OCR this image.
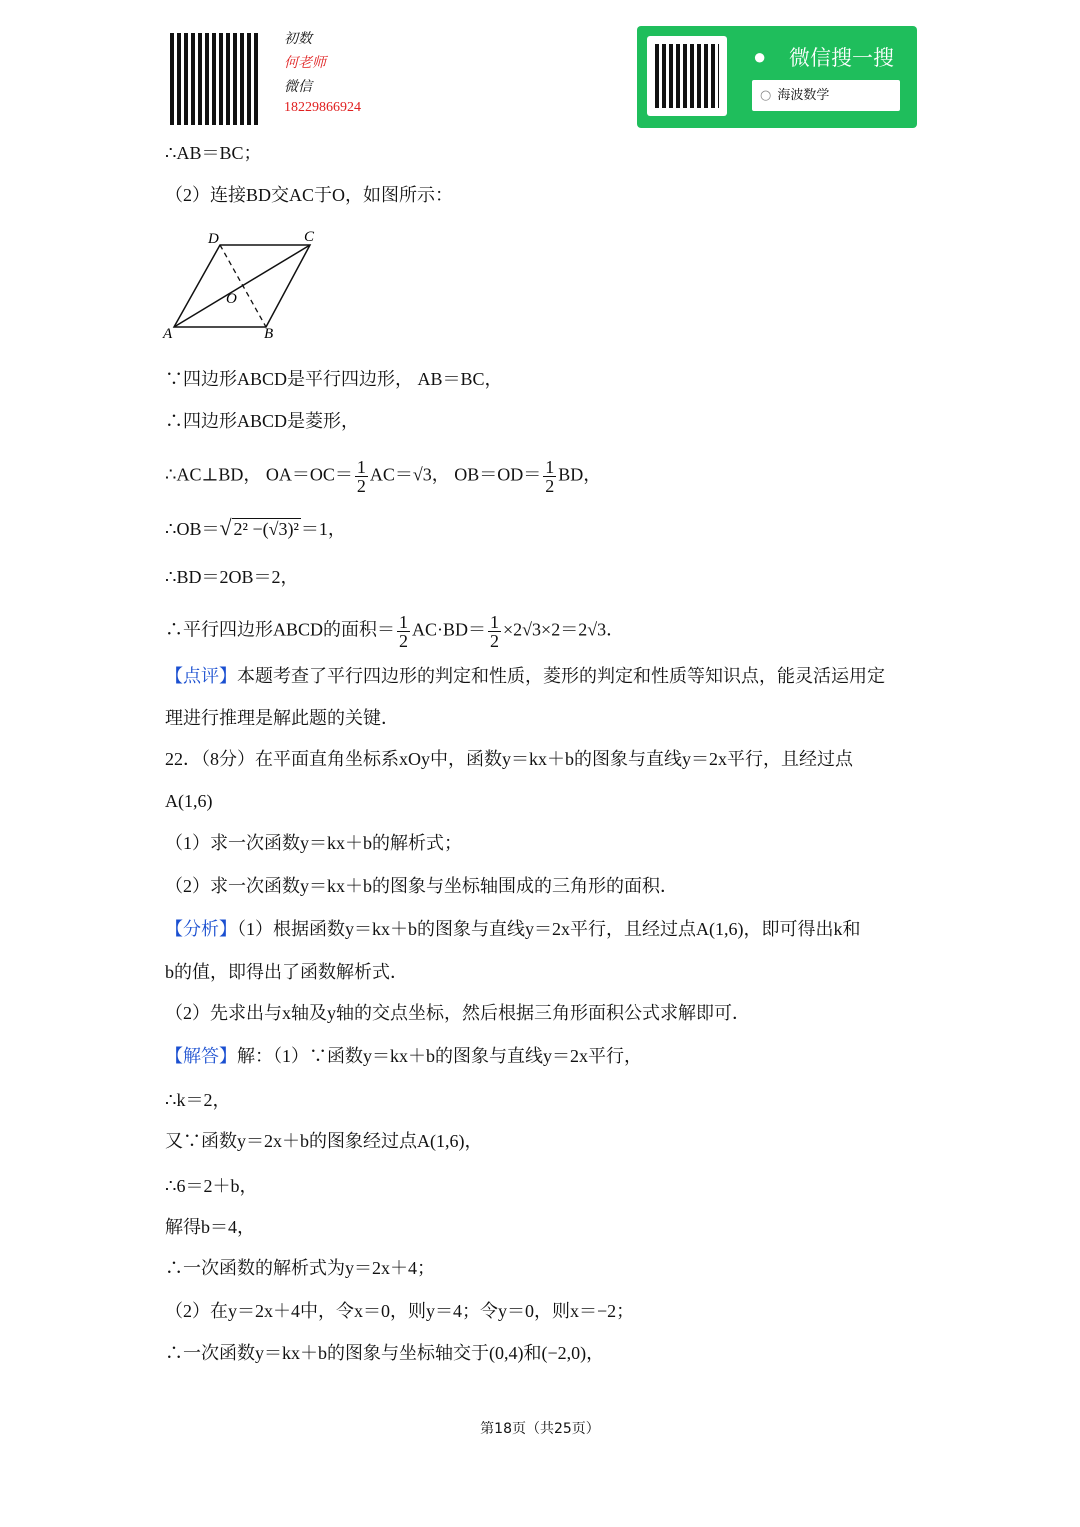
初数
何老师
微信
18229866924
●	微信搜一搜
○ 海波数学
∴AB＝BC；
（2）连接BD交AC于O，如图所示：
D	C
O
A	B
∵四边形ABCD是平行四边形， AB＝BC，
∴四边形ABCD是菱形，
∴AC⊥BD， $OA=OC= \frac{1}{2} AC=√3$， $OB=OD= \frac{1}{2}$ BD，
∴OB＝√ 2² −(√3)² ＝1，
∴BD＝2OB＝2，
∴平行四边形ABCD的面积＝ $\frac{1}{2} AC\cdot BD= \frac{1}{2} \times 2√3\times 2=2√3$．
【点评】本题考查了平行四边形的判定和性质，菱形的判定和性质等知识点，能灵活运用定
理进行推理是解此题的关键．
22．（8分）在平面直角坐标系xOy中，函数y＝kx＋b的图象与直线y＝2x平行，且经过点
A(1,6)
（1）求一次函数y＝kx＋b的解析式；
（2）求一次函数y＝kx＋b的图象与坐标轴围成的三角形的面积．
【分析】（1）根据函数y＝kx＋b的图象与直线y＝2x平行，且经过点A(1,6)，即可得出k和
b的值，即得出了函数解析式．
（2）先求出与x轴及y轴的交点坐标，然后根据三角形面积公式求解即可．
【解答】解：（1）∵函数y＝kx＋b的图象与直线y＝2x平行，
∴k＝2，
又∵函数y＝2x＋b的图象经过点A(1,6)，
∴6＝2＋b，
解得b＝4，
∴一次函数的解析式为y＝2x＋4；
（2）在y＝2x＋4中，令x＝0，则y＝4；令y＝0，则x＝−2；
∴一次函数y＝kx＋b的图象与坐标轴交于(0,4)和(−2,0)，
第18页（共25页）
